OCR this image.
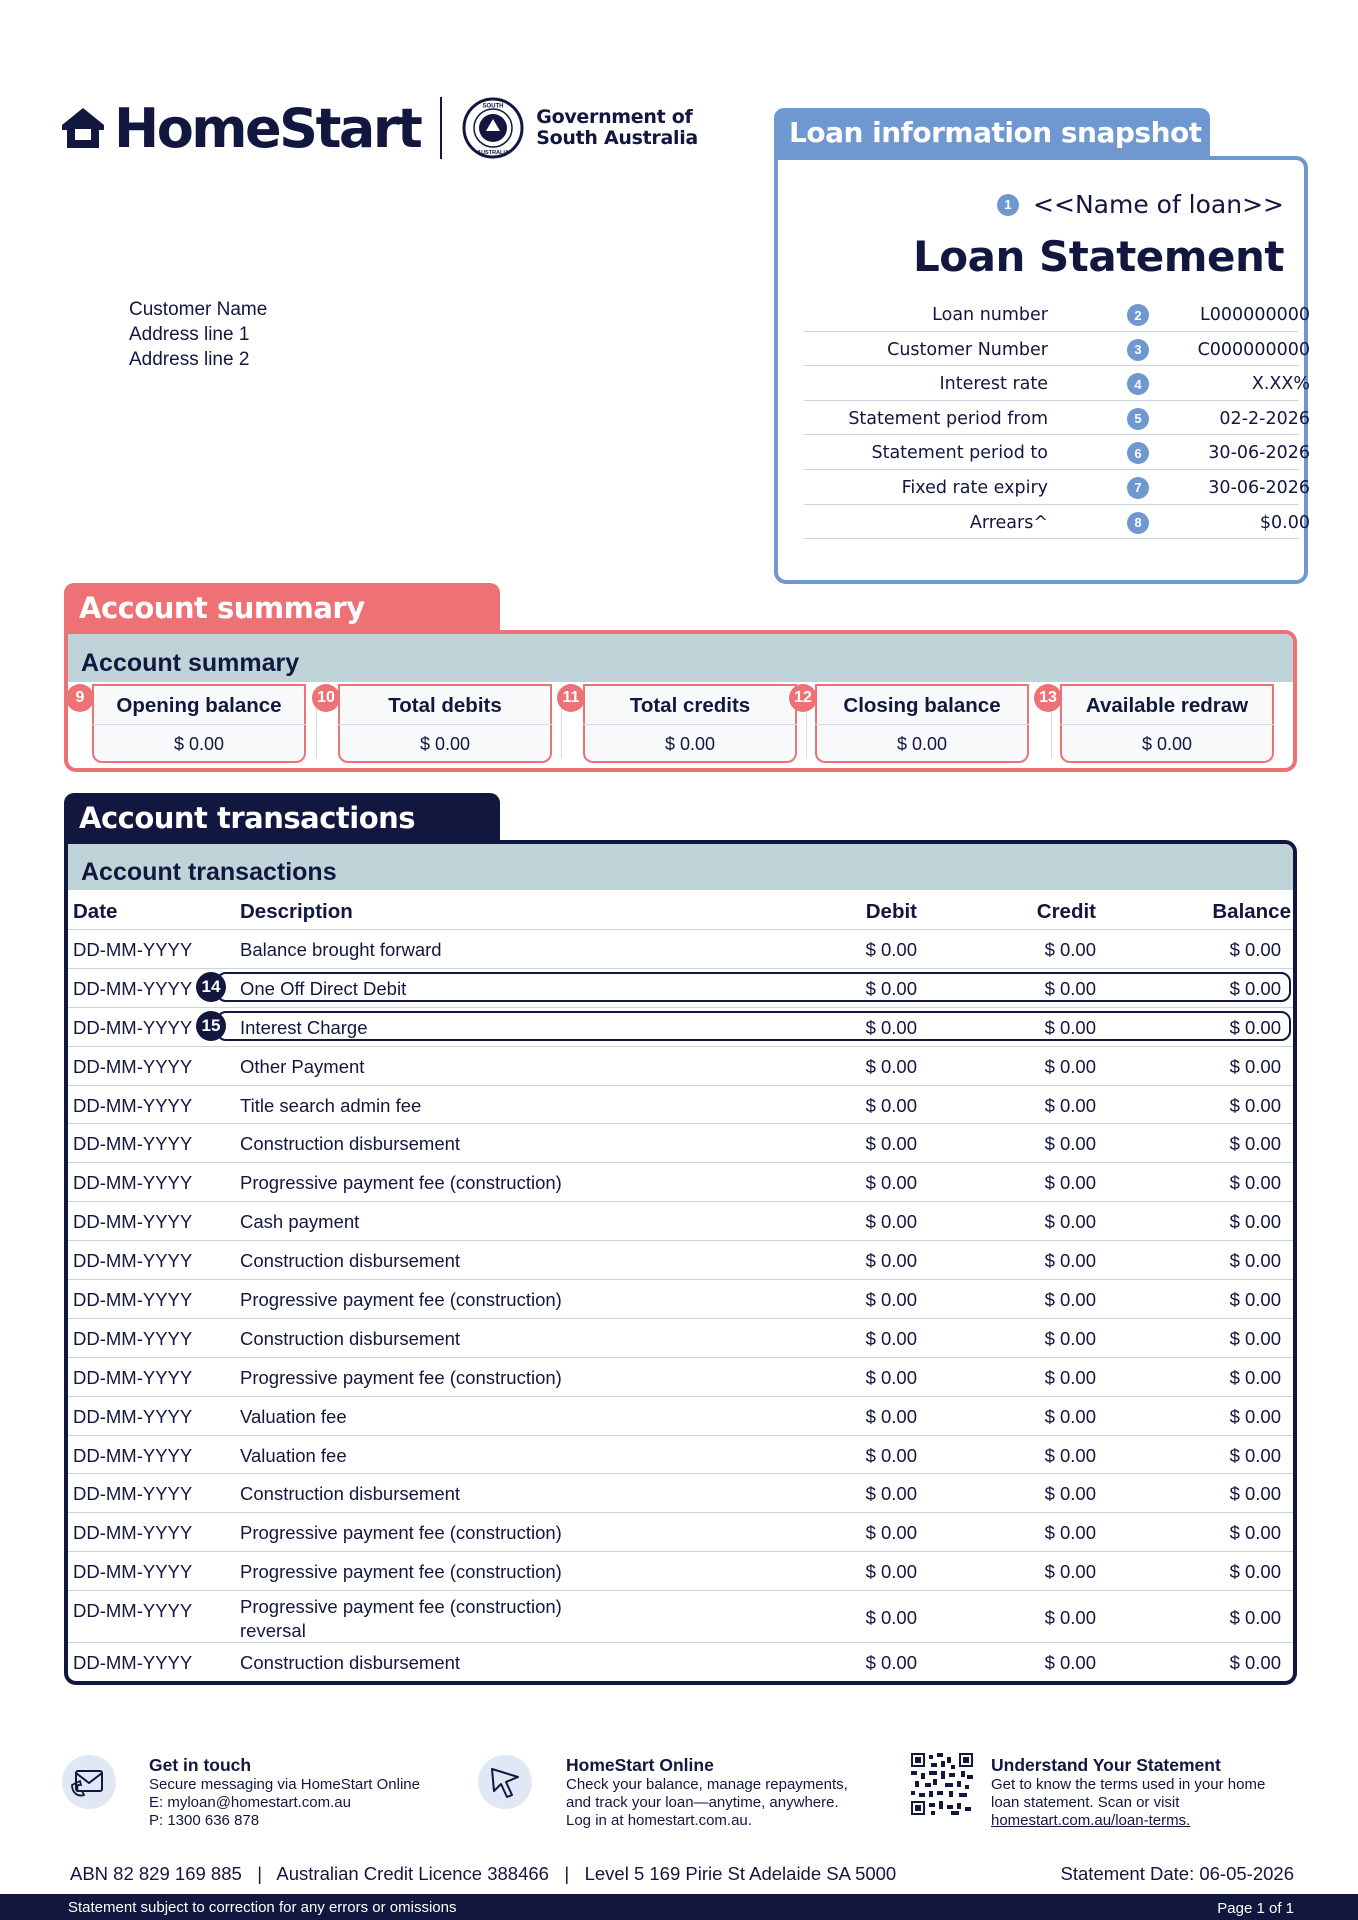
HomeStart	SOUTH
AUSTRALIA
Government of
South Australia
Customer Name
Address line 1
Address line 2
Loan information snapshot
1 <<Name of loan>>
Loan Statement
Loan number	2	L000000000
Customer Number	3	C000000000
Interest rate	4	X.XX%
Statement period from	5	02-2-2026
Statement period to	6	30-06-2026
Fixed rate expiry	7	30-06-2026
Arrears^	8	$0.00
Account summary
Account summary
Opening balance
$ 0.00
9	Total debits
$ 0.00
10	Total credits
$ 0.00
11	Closing balance
$ 0.00
12	Available redraw
$ 0.00
13
Account transactions
Account transactions
Date	Description	Debit	Credit	Balance
DD-MM-YYYY	Balance brought forward	$ 0.00	$ 0.00	$ 0.00
DD-MM-YYYY 14 One Off Direct Debit	$ 0.00	$ 0.00	$ 0.00
DD-MM-YYYY 15 Interest Charge	$ 0.00	$ 0.00	$ 0.00
DD-MM-YYYY	Other Payment	$ 0.00	$ 0.00	$ 0.00
DD-MM-YYYY	Title search admin fee	$ 0.00	$ 0.00	$ 0.00
DD-MM-YYYY	Construction disbursement	$ 0.00	$ 0.00	$ 0.00
DD-MM-YYYY	Progressive payment fee (construction)	$ 0.00	$ 0.00	$ 0.00
DD-MM-YYYY	Cash payment	$ 0.00	$ 0.00	$ 0.00
DD-MM-YYYY	Construction disbursement	$ 0.00	$ 0.00	$ 0.00
DD-MM-YYYY	Progressive payment fee (construction)	$ 0.00	$ 0.00	$ 0.00
DD-MM-YYYY	Construction disbursement	$ 0.00	$ 0.00	$ 0.00
DD-MM-YYYY	Progressive payment fee (construction)	$ 0.00	$ 0.00	$ 0.00
DD-MM-YYYY	Valuation fee	$ 0.00	$ 0.00	$ 0.00
DD-MM-YYYY	Valuation fee	$ 0.00	$ 0.00	$ 0.00
DD-MM-YYYY	Construction disbursement	$ 0.00	$ 0.00	$ 0.00
DD-MM-YYYY	Progressive payment fee (construction)	$ 0.00	$ 0.00	$ 0.00
DD-MM-YYYY	Progressive payment fee (construction)	$ 0.00	$ 0.00	$ 0.00
DD-MM-YYYY	Progressive payment fee (construction) reversal
$ 0.00	$ 0.00	$ 0.00
DD-MM-YYYY	Construction disbursement	$ 0.00	$ 0.00	$ 0.00
Get in touch
Secure messaging via HomeStart Online
E: myloan@homestart.com.au
P: 1300 636 878
HomeStart Online
Check your balance, manage repayments,
and track your loan—anytime, anywhere.
Log in at homestart.com.au.
Understand Your Statement
Get to know the terms used in your home
loan statement. Scan or visit
homestart.com.au/loan-terms.
ABN 82 829 169 885   |   Australian Credit Licence 388466   |   Level 5 169 Pirie St Adelaide SA 5000	Statement Date: 06-05-2026
Statement subject to correction for any errors or omissions	Page 1 of 1
